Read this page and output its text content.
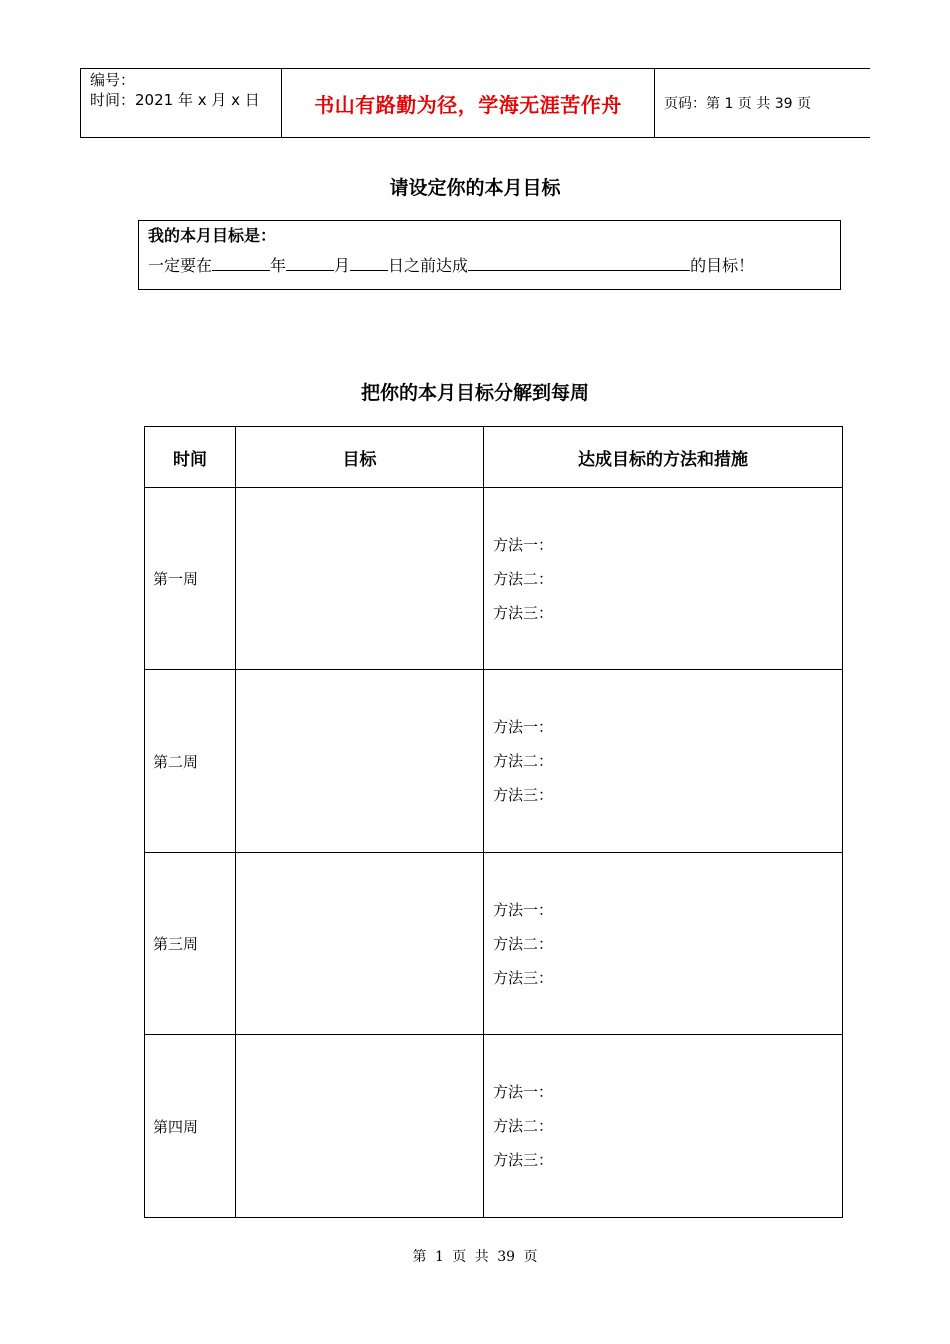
编号：
时间：2021 年 x 月 x 日	书山有路勤为径，学海无涯苦作舟	页码：第 1 页 共 39 页
请设定你的本月目标
我的本月目标是：
一定要在	年	月 日之前达成	的目标！
把你的本月目标分解到每周
时间	目标	达成目标的方法和措施
第一周		方法一：
方法二：
方法三：

第二周		方法一：
方法二：
方法三：

第三周		方法一：
方法二：
方法三：

第四周		方法一：
方法二：
方法三：
第 1 页 共 39 页
